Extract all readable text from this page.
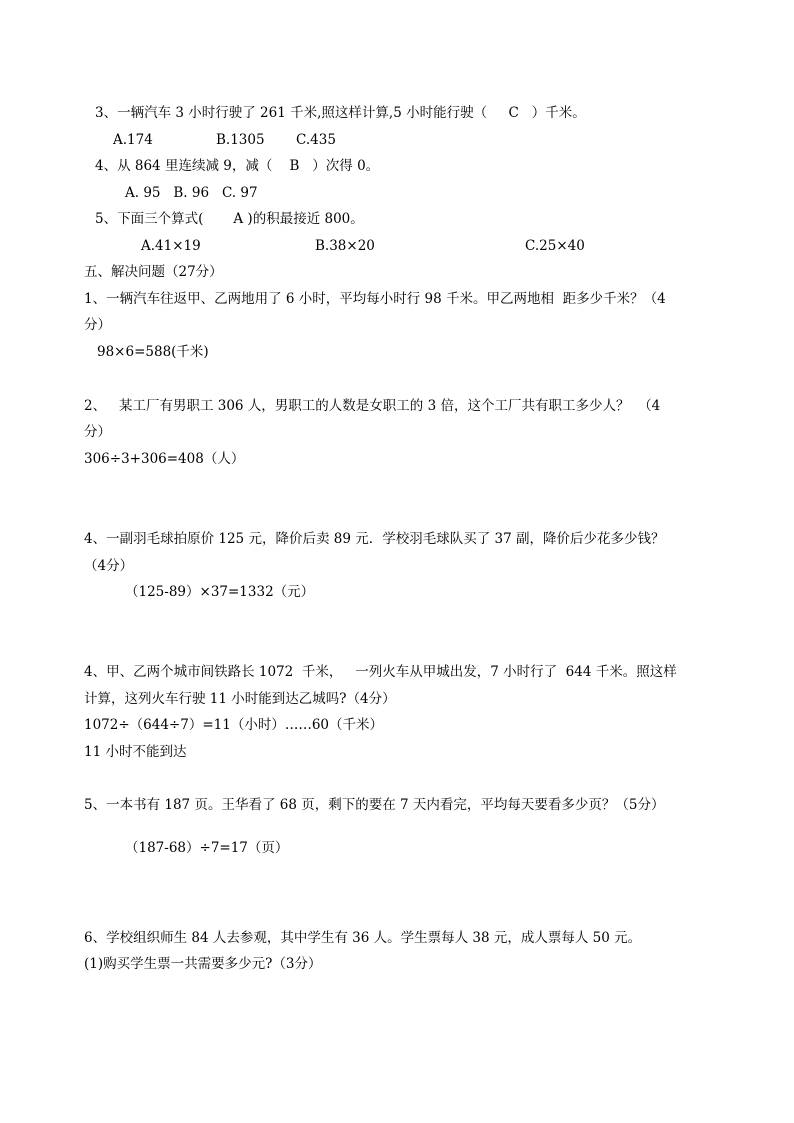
3、一辆汽车 3 小时行驶了 261 千米,照这样计算,5 小时能行驶（     C   ）千米。
A.174	B.1305 C.435
4、从 864 里连续减 9，减（    B   ）次得 0。
A. 95   B. 96   C. 97
5、下面三个算式(       A )的积最接近 800。
A.41×19	B.38×20	C.25×40
五、解决问题（27分）
1、一辆汽车往返甲、乙两地用了 6 小时，平均每小时行 98 千米。甲乙两地相  距多少千米？（4
分）
98×6=588(千米)
2、   某工厂有男职工 306 人，男职工的人数是女职工的 3 倍，这个工厂共有职工多少人？  （4
分）
306÷3+306=408（人）
4、一副羽毛球拍原价 125 元，降价后卖 89 元．学校羽毛球队买了 37 副，降价后少花多少钱？
（4分）
（125-89）×37=1332（元）
4、甲、乙两个城市间铁路长 1072  千米，   一列火车从甲城出发，7 小时行了  644 千米。照这样
计算，这列火车行驶 11 小时能到达乙城吗?（4分）
1072÷（644÷7）=11（小时）……60（千米）
11 小时不能到达
5、一本书有 187 页。王华看了 68 页，剩下的要在 7 天内看完，平均每天要看多少页？（5分）
（187-68）÷7=17（页）
6、学校组织师生 84 人去参观，其中学生有 36 人。学生票每人 38 元，成人票每人 50 元。
(1)购买学生票一共需要多少元?（3分）
